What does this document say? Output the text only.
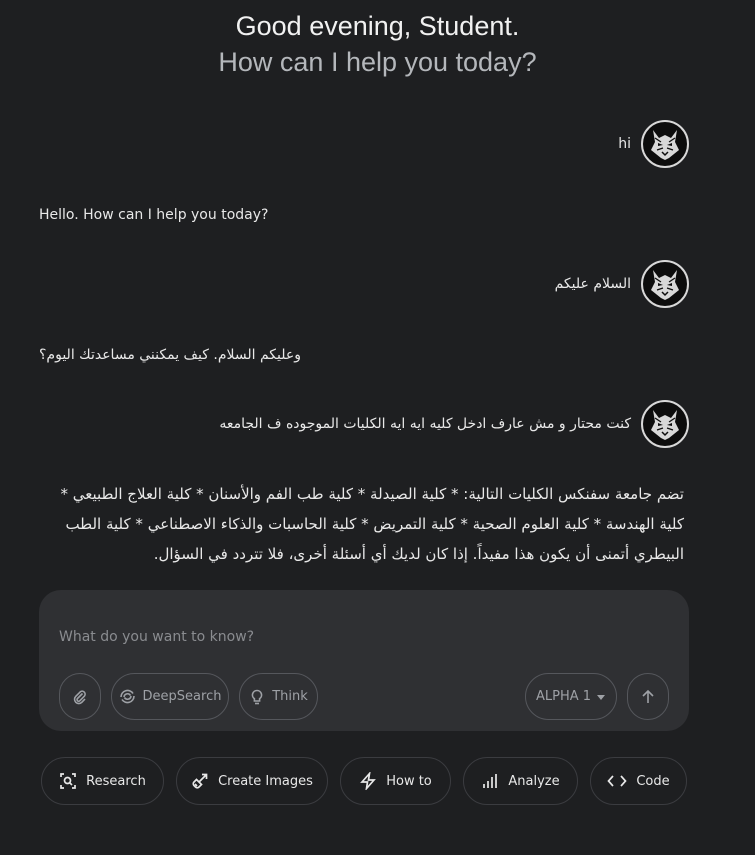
Good evening, Student.
How can I help you today?
hi
Hello. How can I help you today?
السلام عليكم
وعليكم السلام. كيف يمكنني مساعدتك اليوم؟
كنت محتار و مش عارف ادخل كليه ايه ايه الكليات الموجوده ف الجامعه
تضم جامعة سفنكس الكليات التالية: * كلية الصيدلة * كلية طب الفم والأسنان * كلية العلاج الطبيعي * كلية الهندسة * كلية العلوم الصحية * كلية التمريض * كلية الحاسبات والذكاء الاصطناعي * كلية الطب البيطري أتمنى أن يكون هذا مفيداً. إذا كان لديك أي أسئلة أخرى، فلا تتردد في السؤال.
What do you want to know?
DeepSearch	Think	ALPHA 1
Research	Create Images	How to	Analyze	Code
